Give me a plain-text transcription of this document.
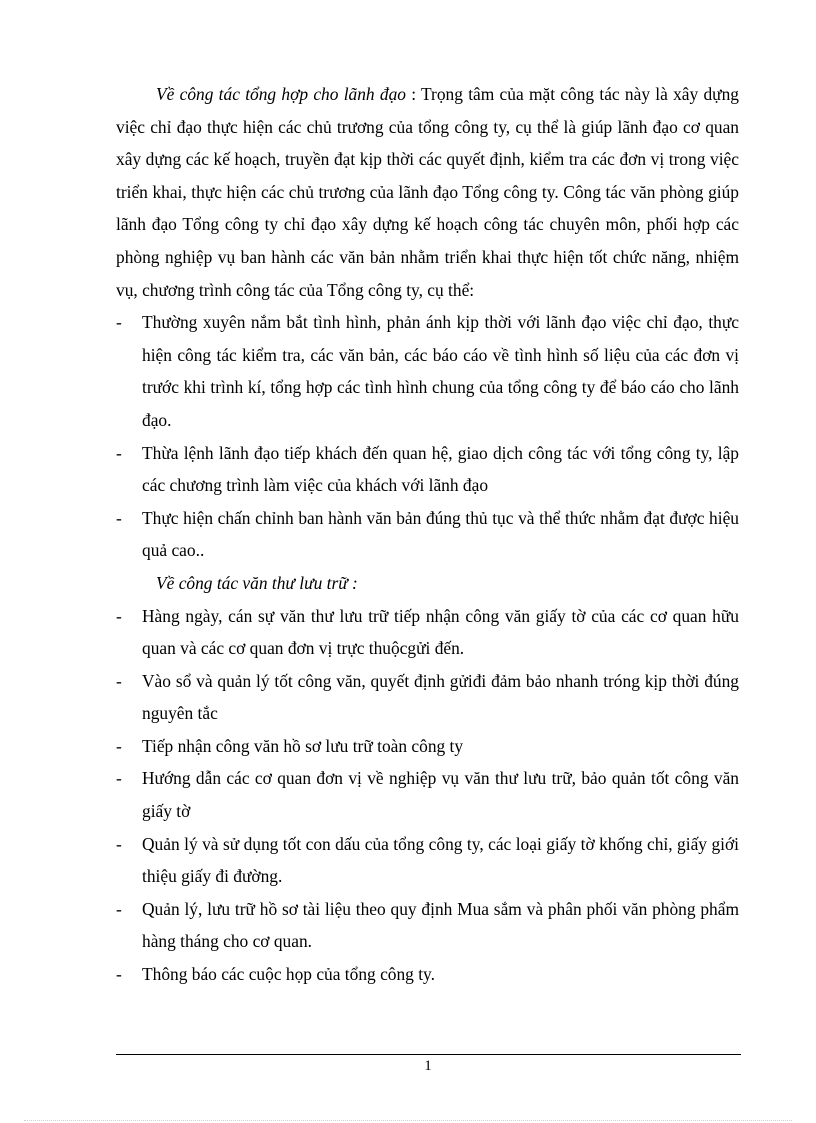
Về công tác tổng hợp cho lãnh đạo : Trọng tâm của mặt công tác này là xây dựng việc chỉ đạo thực hiện các chủ trương của tổng công ty, cụ thể là giúp lãnh đạo cơ quan xây dựng các kế hoạch, truyền đạt kịp thời các quyết định, kiểm tra các đơn vị trong việc triển khai, thực hiện các chủ trương của lãnh đạo Tổng công ty. Công tác văn phòng giúp lãnh đạo Tổng công ty chỉ đạo xây dựng kế hoạch công tác chuyên môn, phối hợp các phòng nghiệp vụ ban hành các văn bản nhằm triển khai thực hiện tốt chức năng, nhiệm vụ, chương trình công tác của Tổng công ty, cụ thể:

- Thường xuyên nắm bắt tình hình, phản ánh kịp thời với lãnh đạo việc chỉ đạo, thực hiện công tác kiểm tra, các văn bản, các báo cáo về tình hình số liệu của các đơn vị trước khi trình kí, tổng hợp các tình hình chung của tổng công ty để báo cáo cho lãnh đạo.
- Thừa lệnh lãnh đạo tiếp khách đến quan hệ, giao dịch công tác với tổng công ty, lập các chương trình làm việc của khách với lãnh đạo
- Thực hiện chấn chỉnh ban hành văn bản đúng thủ tục và thể thức nhằm đạt được hiệu quả cao..

Về công tác văn thư lưu trữ :

- Hàng ngày, cán sự văn thư lưu trữ tiếp nhận công văn giấy tờ của các cơ quan hữu quan và các cơ quan đơn vị trực thuộcgửi đến.
- Vào sổ và quản lý tốt công văn, quyết định gửiđi đảm bảo nhanh tróng kịp thời đúng nguyên tắc
- Tiếp nhận công văn hồ sơ lưu trữ toàn công ty
- Hướng dẫn các cơ quan đơn vị về nghiệp vụ văn thư lưu trữ, bảo quản tốt công văn giấy tờ
- Quản lý và sử dụng tốt con dấu của tổng công ty, các loại giấy tờ khống chỉ, giấy giới thiệu giấy đi đường.
- Quản lý, lưu trữ hồ sơ tài liệu theo quy định Mua sắm và phân phối văn phòng phẩm hàng tháng cho cơ quan.
- Thông báo các cuộc họp của tổng công ty.
1
